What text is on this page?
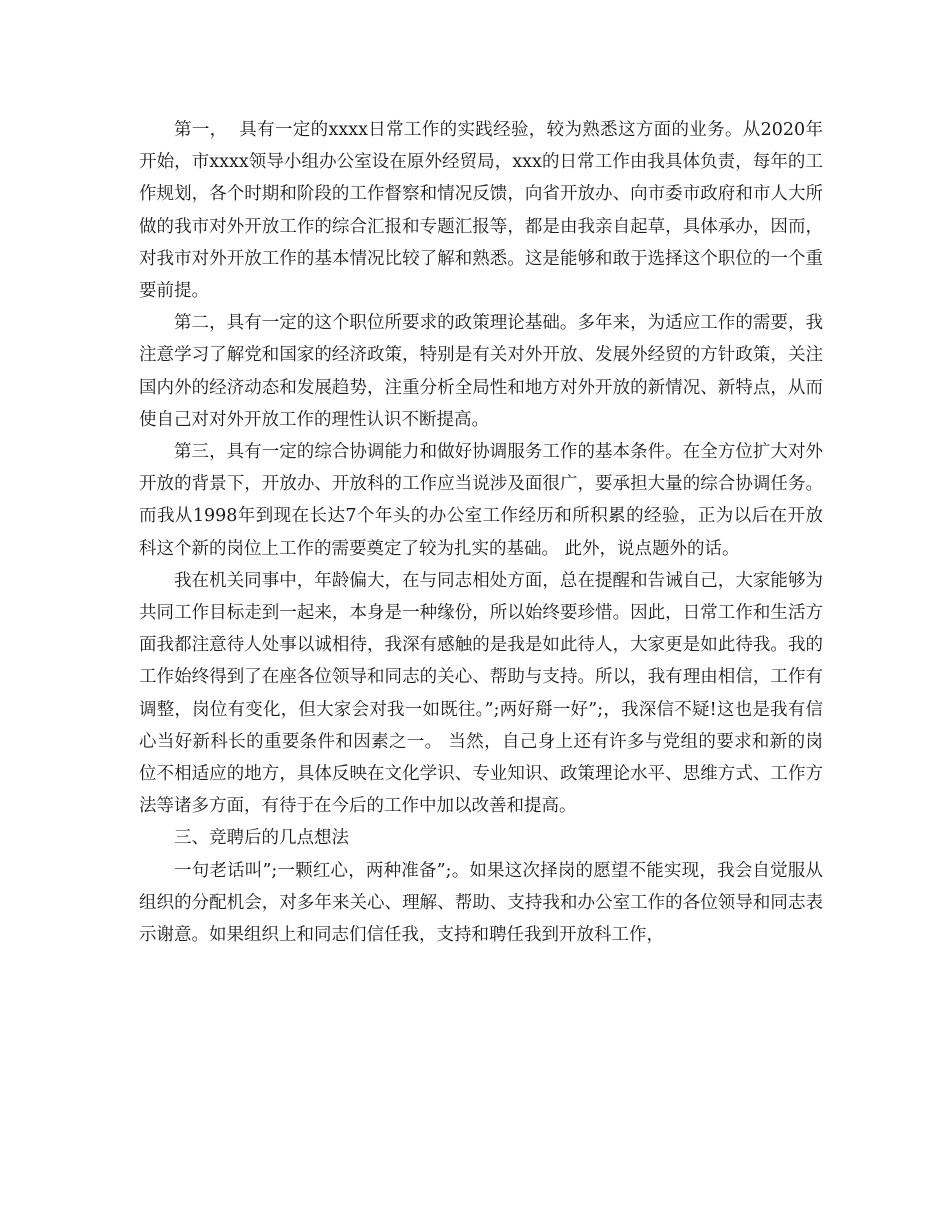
第一，  具有一定的xxxx日常工作的实践经验，较为熟悉这方面的业务。从2020年开始，市xxxx领导小组办公室设在原外经贸局，xxx的日常工作由我具体负责，每年的工作规划，各个时期和阶段的工作督察和情况反馈，向省开放办、向市委市政府和市人大所做的我市对外开放工作的综合汇报和专题汇报等，都是由我亲自起草，具体承办，因而，对我市对外开放工作的基本情况比较了解和熟悉。这是能够和敢于选择这个职位的一个重要前提。

第二，具有一定的这个职位所要求的政策理论基础。多年来，为适应工作的需要，我注意学习了解党和国家的经济政策，特别是有关对外开放、发展外经贸的方针政策，关注国内外的经济动态和发展趋势，注重分析全局性和地方对外开放的新情况、新特点，从而使自己对对外开放工作的理性认识不断提高。

第三，具有一定的综合协调能力和做好协调服务工作的基本条件。在全方位扩大对外开放的背景下，开放办、开放科的工作应当说涉及面很广，要承担大量的综合协调任务。而我从1998年到现在长达7个年头的办公室工作经历和所积累的经验，正为以后在开放科这个新的岗位上工作的需要奠定了较为扎实的基础。 此外，说点题外的话。

我在机关同事中，年龄偏大，在与同志相处方面，总在提醒和告诫自己，大家能够为共同工作目标走到一起来，本身是一种缘份，所以始终要珍惜。因此，日常工作和生活方面我都注意待人处事以诚相待，我深有感触的是我是如此待人，大家更是如此待我。我的工作始终得到了在座各位领导和同志的关心、帮助与支持。所以，我有理由相信，工作有调整，岗位有变化，但大家会对我一如既往。”;两好搿一好”;，我深信不疑!这也是我有信心当好新科长的重要条件和因素之一。 当然，自己身上还有许多与党组的要求和新的岗位不相适应的地方，具体反映在文化学识、专业知识、政策理论水平、思维方式、工作方法等诸多方面，有待于在今后的工作中加以改善和提高。

三、竞聘后的几点想法

一句老话叫”;一颗红心，两种准备”;。如果这次择岗的愿望不能实现，我会自觉服从组织的分配机会，对多年来关心、理解、帮助、支持我和办公室工作的各位领导和同志表示谢意。如果组织上和同志们信任我，支持和聘任我到开放科工作，
